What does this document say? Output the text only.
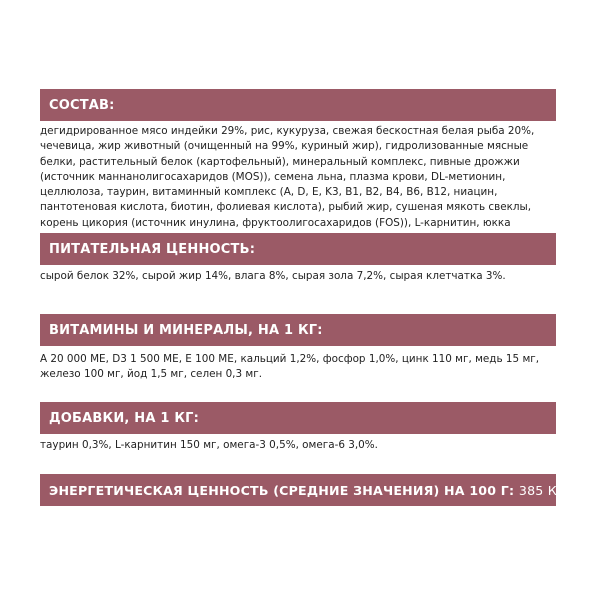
СОСТАВ:
дегидрированное мясо индейки 29%, рис, кукуруза, свежая бескостная белая рыба 20%, чечевица, жир животный (очищенный на 99%, куриный жир), гидролизованные мясные белки, растительный белок (картофельный), минеральный комплекс, пивные дрожжи (источник маннанолигосахаридов (MOS)), семена льна, плазма крови, DL-метионин, целлюлоза, таурин, витаминный комплекс (A, D, E, K3, B1, B2, B4, B6, B12, ниацин, пантотеновая кислота, биотин, фолиевая кислота), рыбий жир, сушеная мякоть свеклы, корень цикория (источник инулина, фруктоолигосахаридов (FOS)), L-карнитин, юкка
ПИТАТЕЛЬНАЯ ЦЕННОСТЬ:
сырой белок 32%, сырой жир 14%, влага 8%, сырая зола 7,2%, сырая клетчатка 3%.
ВИТАМИНЫ И МИНЕРАЛЫ, НА 1 КГ:
А 20 000 МЕ, D3 1 500 МЕ, Е 100 МЕ, кальций 1,2%, фосфор 1,0%, цинк 110 мг, медь 15 мг, железо 100 мг, йод 1,5 мг, селен 0,3 мг.
ДОБАВКИ, НА 1 КГ:
таурин 0,3%, L-карнитин 150 мг, омега-3 0,5%, омега-6 3,0%.
ЭНЕРГЕТИЧЕСКАЯ ЦЕННОСТЬ (СРЕДНИЕ ЗНАЧЕНИЯ) НА 100 Г:
385 ККАЛ.
